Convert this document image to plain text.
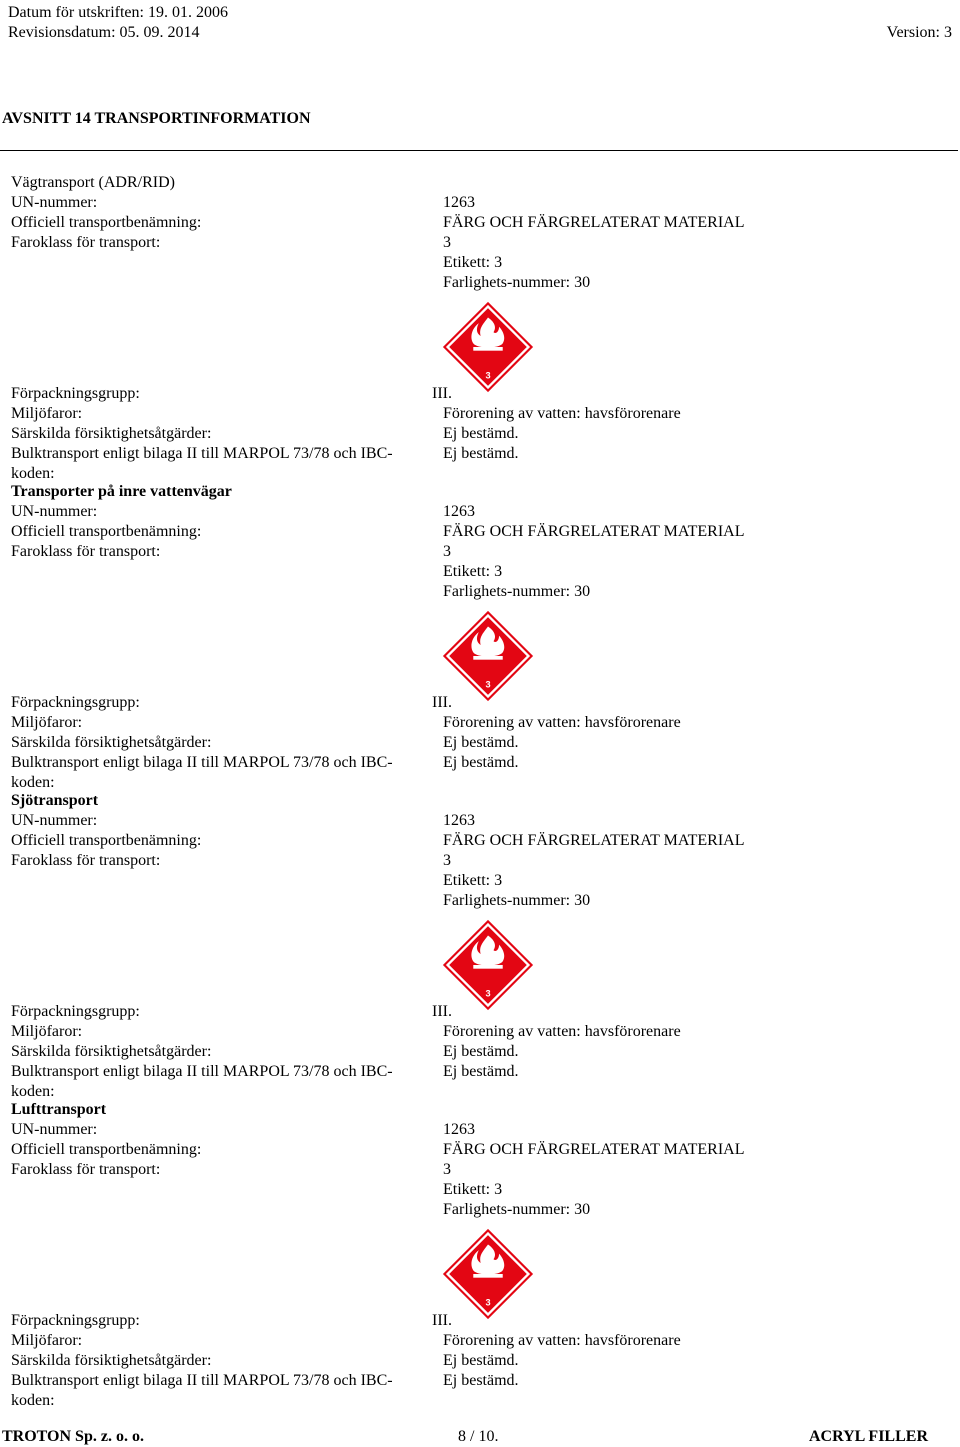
Datum för utskriften: 19. 01. 2006
Revisionsdatum: 05. 09. 2014	Version: 3
AVSNITT 14 TRANSPORTINFORMATION
Vägtransport (ADR/RID)
UN-nummer:	1263
Officiell transportbenämning:	FÄRG OCH FÄRGRELATERAT MATERIAL
Faroklass för transport:	3
Etikett: 3
Farlighets-nummer: 30
3
Förpackningsgrupp:	III.
Miljöfaror:	Förorening av vatten: havsförorenare
Särskilda försiktighetsåtgärder:	Ej bestämd.
Bulktransport enligt bilaga II till MARPOL 73/78 och IBC-	Ej bestämd.
koden:
Transporter på inre vattenvägar
UN-nummer:	1263
Officiell transportbenämning:	FÄRG OCH FÄRGRELATERAT MATERIAL
Faroklass för transport:	3
Etikett: 3
Farlighets-nummer: 30
3
Förpackningsgrupp:	III.
Miljöfaror:	Förorening av vatten: havsförorenare
Särskilda försiktighetsåtgärder:	Ej bestämd.
Bulktransport enligt bilaga II till MARPOL 73/78 och IBC-	Ej bestämd.
koden:
Sjötransport
UN-nummer:	1263
Officiell transportbenämning:	FÄRG OCH FÄRGRELATERAT MATERIAL
Faroklass för transport:	3
Etikett: 3
Farlighets-nummer: 30
3
Förpackningsgrupp:	III.
Miljöfaror:	Förorening av vatten: havsförorenare
Särskilda försiktighetsåtgärder:	Ej bestämd.
Bulktransport enligt bilaga II till MARPOL 73/78 och IBC-	Ej bestämd.
koden:
Lufttransport
UN-nummer:	1263
Officiell transportbenämning:	FÄRG OCH FÄRGRELATERAT MATERIAL
Faroklass för transport:	3
Etikett: 3
Farlighets-nummer: 30
3
Förpackningsgrupp:	III.
Miljöfaror:	Förorening av vatten: havsförorenare
Särskilda försiktighetsåtgärder:	Ej bestämd.
Bulktransport enligt bilaga II till MARPOL 73/78 och IBC-	Ej bestämd.
koden:
TROTON Sp. z. o. o.	8 / 10.	ACRYL FILLER
